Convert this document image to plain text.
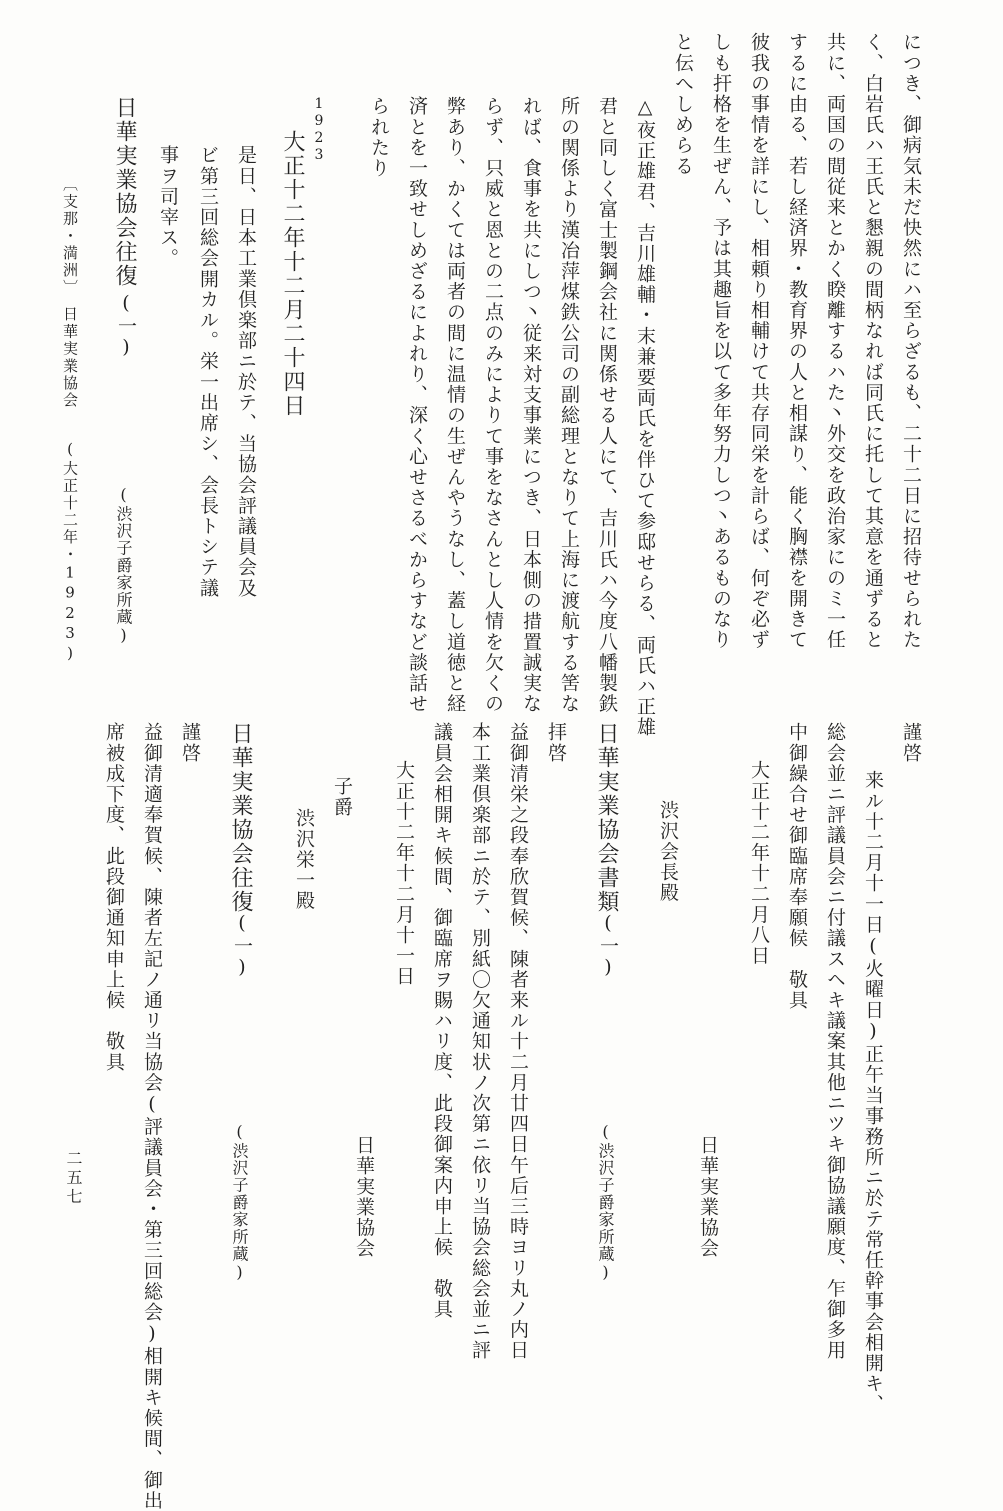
につき、御病気未だ快然にハ至らざるも、二十二日に招待せられた
く、白岩氏ハ王氏と懇親の間柄なれば同氏に托して其意を通ずると
共に、両国の間従来とかく睽離するハた丶外交を政治家にのミ一任
するに由る、若し経済界・教育界の人と相謀り、能く胸襟を開きて
彼我の事情を詳にし、相頼り相輔けて共存同栄を計らば、何ぞ必ず
しも扞格を生ぜん、予は其趣旨を以て多年努力しつ丶あるものなり
と伝へしめらる
△夜正雄君、吉川雄輔・末兼要両氏を伴ひて参邸せらる、両氏ハ正雄
君と同しく富士製鋼会社に関係せる人にて、吉川氏ハ今度八幡製鉄
所の関係より漢冶萍煤鉄公司の副総理となりて上海に渡航する筈な
れば、食事を共にしつ丶従来対支事業につき、日本側の措置誠実な
らず、只威と恩との二点のみによりて事をなさんとし人情を欠くの
弊あり、かくては両者の間に温情の生ぜんやうなし、蓋し道徳と経
済とを一致せしめざるによれり、深く心せさるべからすなど談話せ
られたり
1923
大正十二年十二月二十四日
是日、日本工業倶楽部ニ於テ、当協会評議員会及
ビ第三回総会開カル。栄一出席シ、会長トシテ議
事ヲ司宰ス。
日華実業協会往復
(一)
(渋沢子爵家所蔵)
〔支那・満洲〕
日華実業協会
(大正十二年・1923)
謹啓
来ル十二月十一日(火曜日)正午当事務所ニ於テ常任幹事会相開キ、
総会並ニ評議員会ニ付議スヘキ議案其他ニツキ御協議願度、乍御多用
中御繰合せ御臨席奉願候　敬具
大正十二年十二月八日
日華実業協会
渋沢会長殿
日華実業協会書類
(一)
(渋沢子爵家所蔵)
拝啓
益御清栄之段奉欣賀候、陳者来ル十二月廿四日午后三時ヨリ丸ノ内日
本工業倶楽部ニ於テ、別紙〇欠通知状ノ次第ニ依リ当協会総会並ニ評
議員会相開キ候間、御臨席ヲ賜ハリ度、此段御案内申上候　敬具
大正十二年十二月十一日
日華実業協会
子爵
渋沢栄一殿
日華実業協会往復
(一)
(渋沢子爵家所蔵)
謹啓
益御清適奉賀候、陳者左記ノ通リ当協会(評議員会・第三回総会)相開キ候間、御出
席被成下度、此段御通知申上候　敬具
二五七
